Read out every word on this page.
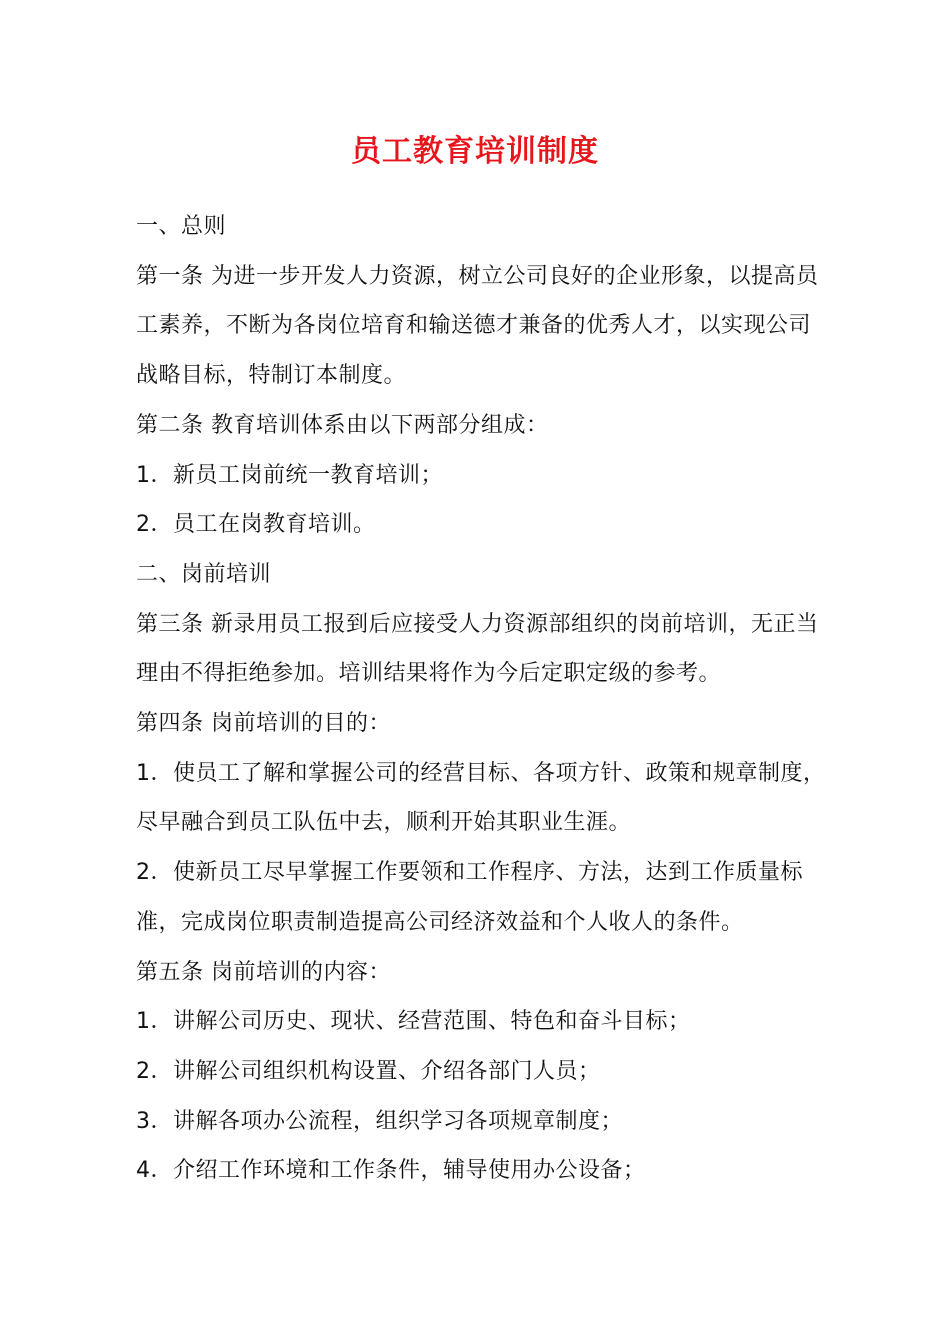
员工教育培训制度

一、总则

第一条 为进一步开发人力资源，树立公司良好的企业形象，以提高员
工素养，不断为各岗位培育和输送德才兼备的优秀人才，以实现公司
战略目标，特制订本制度。

第二条 教育培训体系由以下两部分组成：

1．新员工岗前统一教育培训；

2．员工在岗教育培训。

二、岗前培训

第三条 新录用员工报到后应接受人力资源部组织的岗前培训，无正当
理由不得拒绝参加。培训结果将作为今后定职定级的参考。

第四条 岗前培训的目的：

1．使员工了解和掌握公司的经营目标、各项方针、政策和规章制度，
尽早融合到员工队伍中去，顺利开始其职业生涯。

2．使新员工尽早掌握工作要领和工作程序、方法，达到工作质量标
准，完成岗位职责制造提高公司经济效益和个人收人的条件。

第五条 岗前培训的内容：

1．讲解公司历史、现状、经营范围、特色和奋斗目标；

2．讲解公司组织机构设置、介绍各部门人员；

3．讲解各项办公流程，组织学习各项规章制度；

4．介绍工作环境和工作条件，辅导使用办公设备；
